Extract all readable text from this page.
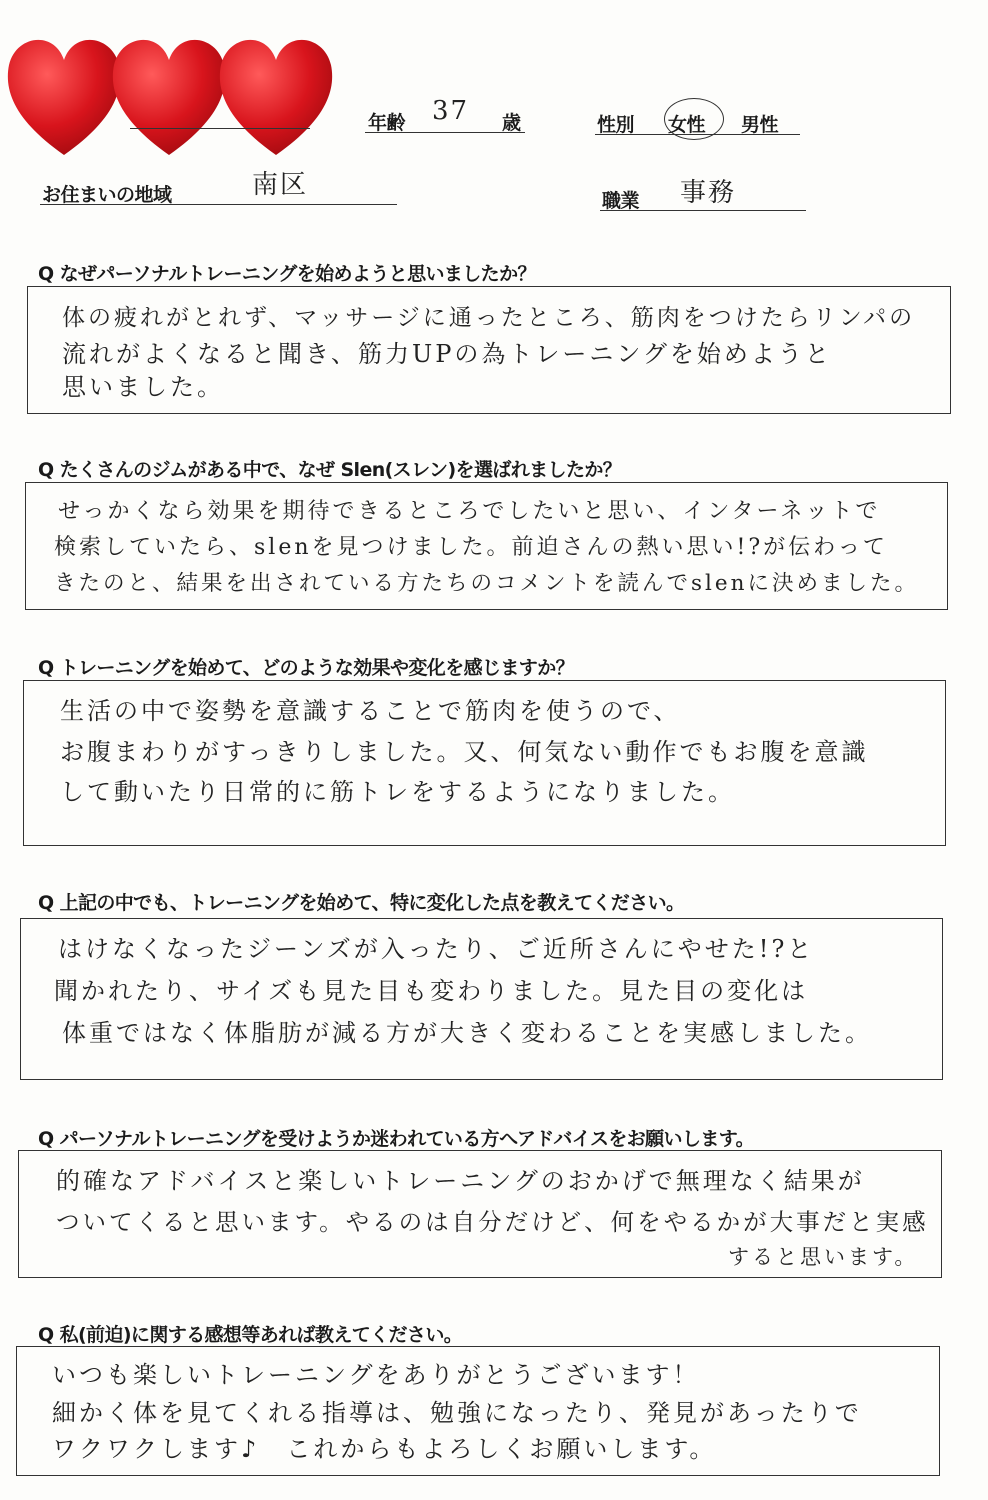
年齢 37 歳	性別 女性 男性
お住まいの地域	南区
職業 事務
Q なぜパーソナルトレーニングを始めようと思いましたか？
体の疲れがとれず、マッサージに通ったところ、筋肉をつけたらリンパの
流れがよくなると聞き、筋力UPの為トレーニングを始めようと
思いました。
Q たくさんのジムがある中で、なぜ Slen(スレン)を選ばれましたか？
せっかくなら効果を期待できるところでしたいと思い、インターネットで
検索していたら、slenを見つけました。前迫さんの熱い思い!?が伝わって
きたのと、結果を出されている方たちのコメントを読んでslenに決めました。
Q トレーニングを始めて、どのような効果や変化を感じますか？
生活の中で姿勢を意識することで筋肉を使うので、
お腹まわりがすっきりしました。又、何気ない動作でもお腹を意識
して動いたり日常的に筋トレをするようになりました。
Q 上記の中でも、トレーニングを始めて、特に変化した点を教えてください。
はけなくなったジーンズが入ったり、ご近所さんにやせた!?と
聞かれたり、サイズも見た目も変わりました。見た目の変化は
体重ではなく体脂肪が減る方が大きく変わることを実感しました。
Q パーソナルトレーニングを受けようか迷われている方へアドバイスをお願いします。
的確なアドバイスと楽しいトレーニングのおかげで無理なく結果が
ついてくると思います。やるのは自分だけど、何をやるかが大事だと実感
　　　　　　　　　　　　　　　　　　　　　　　　　　　　すると思います。
Q 私(前迫)に関する感想等あれば教えてください。
いつも楽しいトレーニングをありがとうございます！
細かく体を見てくれる指導は、勉強になったり、発見があったりで
ワクワクします♪　これからもよろしくお願いします。
